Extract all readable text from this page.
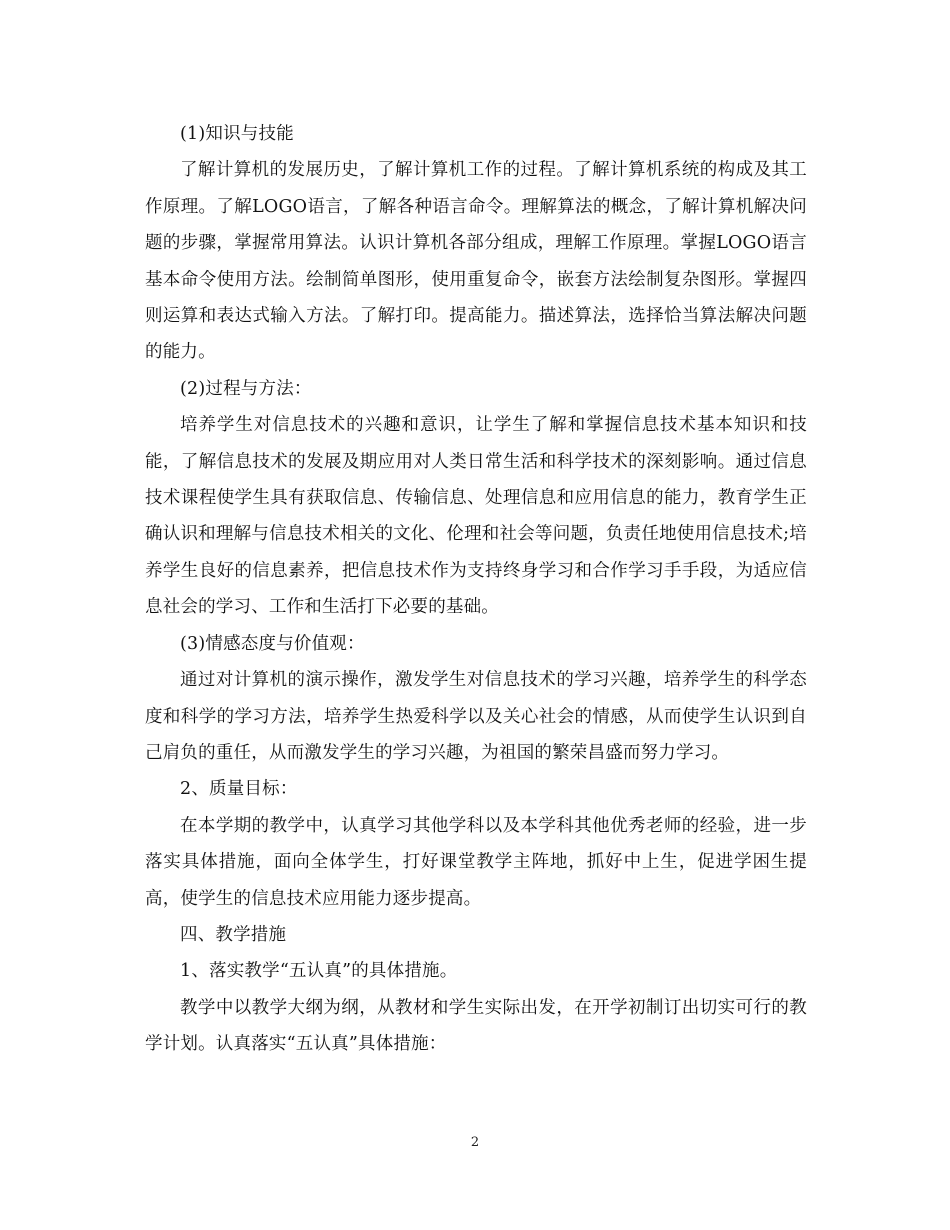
(1)知识与技能

了解计算机的发展历史，了解计算机工作的过程。了解计算机系统的构成及其工作原理。了解LOGO语言，了解各种语言命令。理解算法的概念，了解计算机解决问题的步骤，掌握常用算法。认识计算机各部分组成，理解工作原理。掌握LOGO语言基本命令使用方法。绘制简单图形，使用重复命令，嵌套方法绘制复杂图形。掌握四则运算和表达式输入方法。了解打印。提高能力。描述算法，选择恰当算法解决问题的能力。

(2)过程与方法：

培养学生对信息技术的兴趣和意识，让学生了解和掌握信息技术基本知识和技能，了解信息技术的发展及期应用对人类日常生活和科学技术的深刻影响。通过信息技术课程使学生具有获取信息、传输信息、处理信息和应用信息的能力，教育学生正确认识和理解与信息技术相关的文化、伦理和社会等问题，负责任地使用信息技术;培养学生良好的信息素养，把信息技术作为支持终身学习和合作学习手手段，为适应信息社会的学习、工作和生活打下必要的基础。

(3)情感态度与价值观：

通过对计算机的演示操作，激发学生对信息技术的学习兴趣，培养学生的科学态度和科学的学习方法，培养学生热爱科学以及关心社会的情感，从而使学生认识到自己肩负的重任，从而激发学生的学习兴趣，为祖国的繁荣昌盛而努力学习。

2、质量目标：

在本学期的教学中，认真学习其他学科以及本学科其他优秀老师的经验，进一步落实具体措施，面向全体学生，打好课堂教学主阵地，抓好中上生，促进学困生提高，使学生的信息技术应用能力逐步提高。

四、教学措施

1、落实教学“五认真”的具体措施。

教学中以教学大纲为纲，从教材和学生实际出发，在开学初制订出切实可行的教学计划。认真落实“五认真”具体措施：

2
